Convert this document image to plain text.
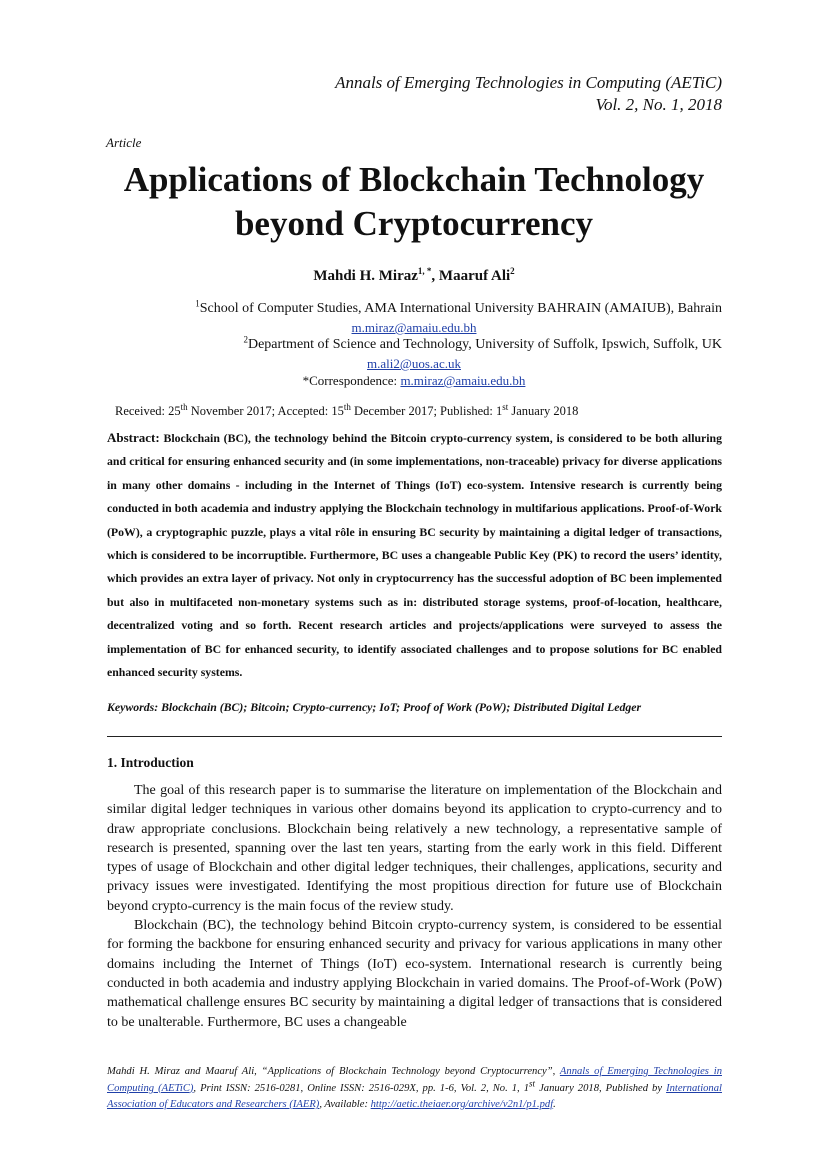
Annals of Emerging Technologies in Computing (AETiC)
Vol. 2, No. 1, 2018
Article
Applications of Blockchain Technology
beyond Cryptocurrency
Mahdi H. Miraz$^{1, *}$, Maaruf Ali$^2$
$^1$School of Computer Studies, AMA International University BAHRAIN (AMAIUB), Bahrain
m.miraz@amaiu.edu.bh
$^2$Department of Science and Technology, University of Suffolk, Ipswich, Suffolk, UK
m.ali2@uos.ac.uk
*Correspondence: m.miraz@amaiu.edu.bh
Received: 25th November 2017; Accepted: 15th December 2017; Published: 1st January 2018

Abstract: Blockchain (BC), the technology behind the Bitcoin crypto-currency system, is considered to be both alluring and critical for ensuring enhanced security and (in some implementations, non-traceable) privacy for diverse applications in many other domains - including in the Internet of Things (IoT) eco-system. Intensive research is currently being conducted in both academia and industry applying the Blockchain technology in multifarious applications. Proof-of-Work (PoW), a cryptographic puzzle, plays a vital rôle in ensuring BC security by maintaining a digital ledger of transactions, which is considered to be incorruptible. Furthermore, BC uses a changeable Public Key (PK) to record the users’ identity, which provides an extra layer of privacy. Not only in cryptocurrency has the successful adoption of BC been implemented but also in multifaceted non-monetary systems such as in: distributed storage systems, proof-of-location, healthcare, decentralized voting and so forth. Recent research articles and projects/applications were surveyed to assess the implementation of BC for enhanced security, to identify associated challenges and to propose solutions for BC enabled enhanced security systems.

Keywords: Blockchain (BC); Bitcoin; Crypto-currency; IoT; Proof of Work (PoW); Distributed Digital Ledger
1. Introduction

The goal of this research paper is to summarise the literature on implementation of the Blockchain and similar digital ledger techniques in various other domains beyond its application to crypto-currency and to draw appropriate conclusions. Blockchain being relatively a new technology, a representative sample of research is presented, spanning over the last ten years, starting from the early work in this field. Different types of usage of Blockchain and other digital ledger techniques, their challenges, applications, security and privacy issues were investigated. Identifying the most propitious direction for future use of Blockchain beyond crypto-currency is the main focus of the review study.

Blockchain (BC), the technology behind Bitcoin crypto-currency system, is considered to be essential for forming the backbone for ensuring enhanced security and privacy for various applications in many other domains including the Internet of Things (IoT) eco-system. International research is currently being conducted in both academia and industry applying Blockchain in varied domains. The Proof-of-Work (PoW) mathematical challenge ensures BC security by maintaining a digital ledger of transactions that is considered to be unalterable. Furthermore, BC uses a changeable

Mahdi H. Miraz and Maaruf Ali, “Applications of Blockchain Technology beyond Cryptocurrency”, Annals of Emerging Technologies in Computing (AETiC), Print ISSN: 2516-0281, Online ISSN: 2516-029X, pp. 1-6, Vol. 2, No. 1, 1st January 2018, Published by International Association of Educators and Researchers (IAER), Available: http://aetic.theiaer.org/archive/v2n1/p1.pdf.
